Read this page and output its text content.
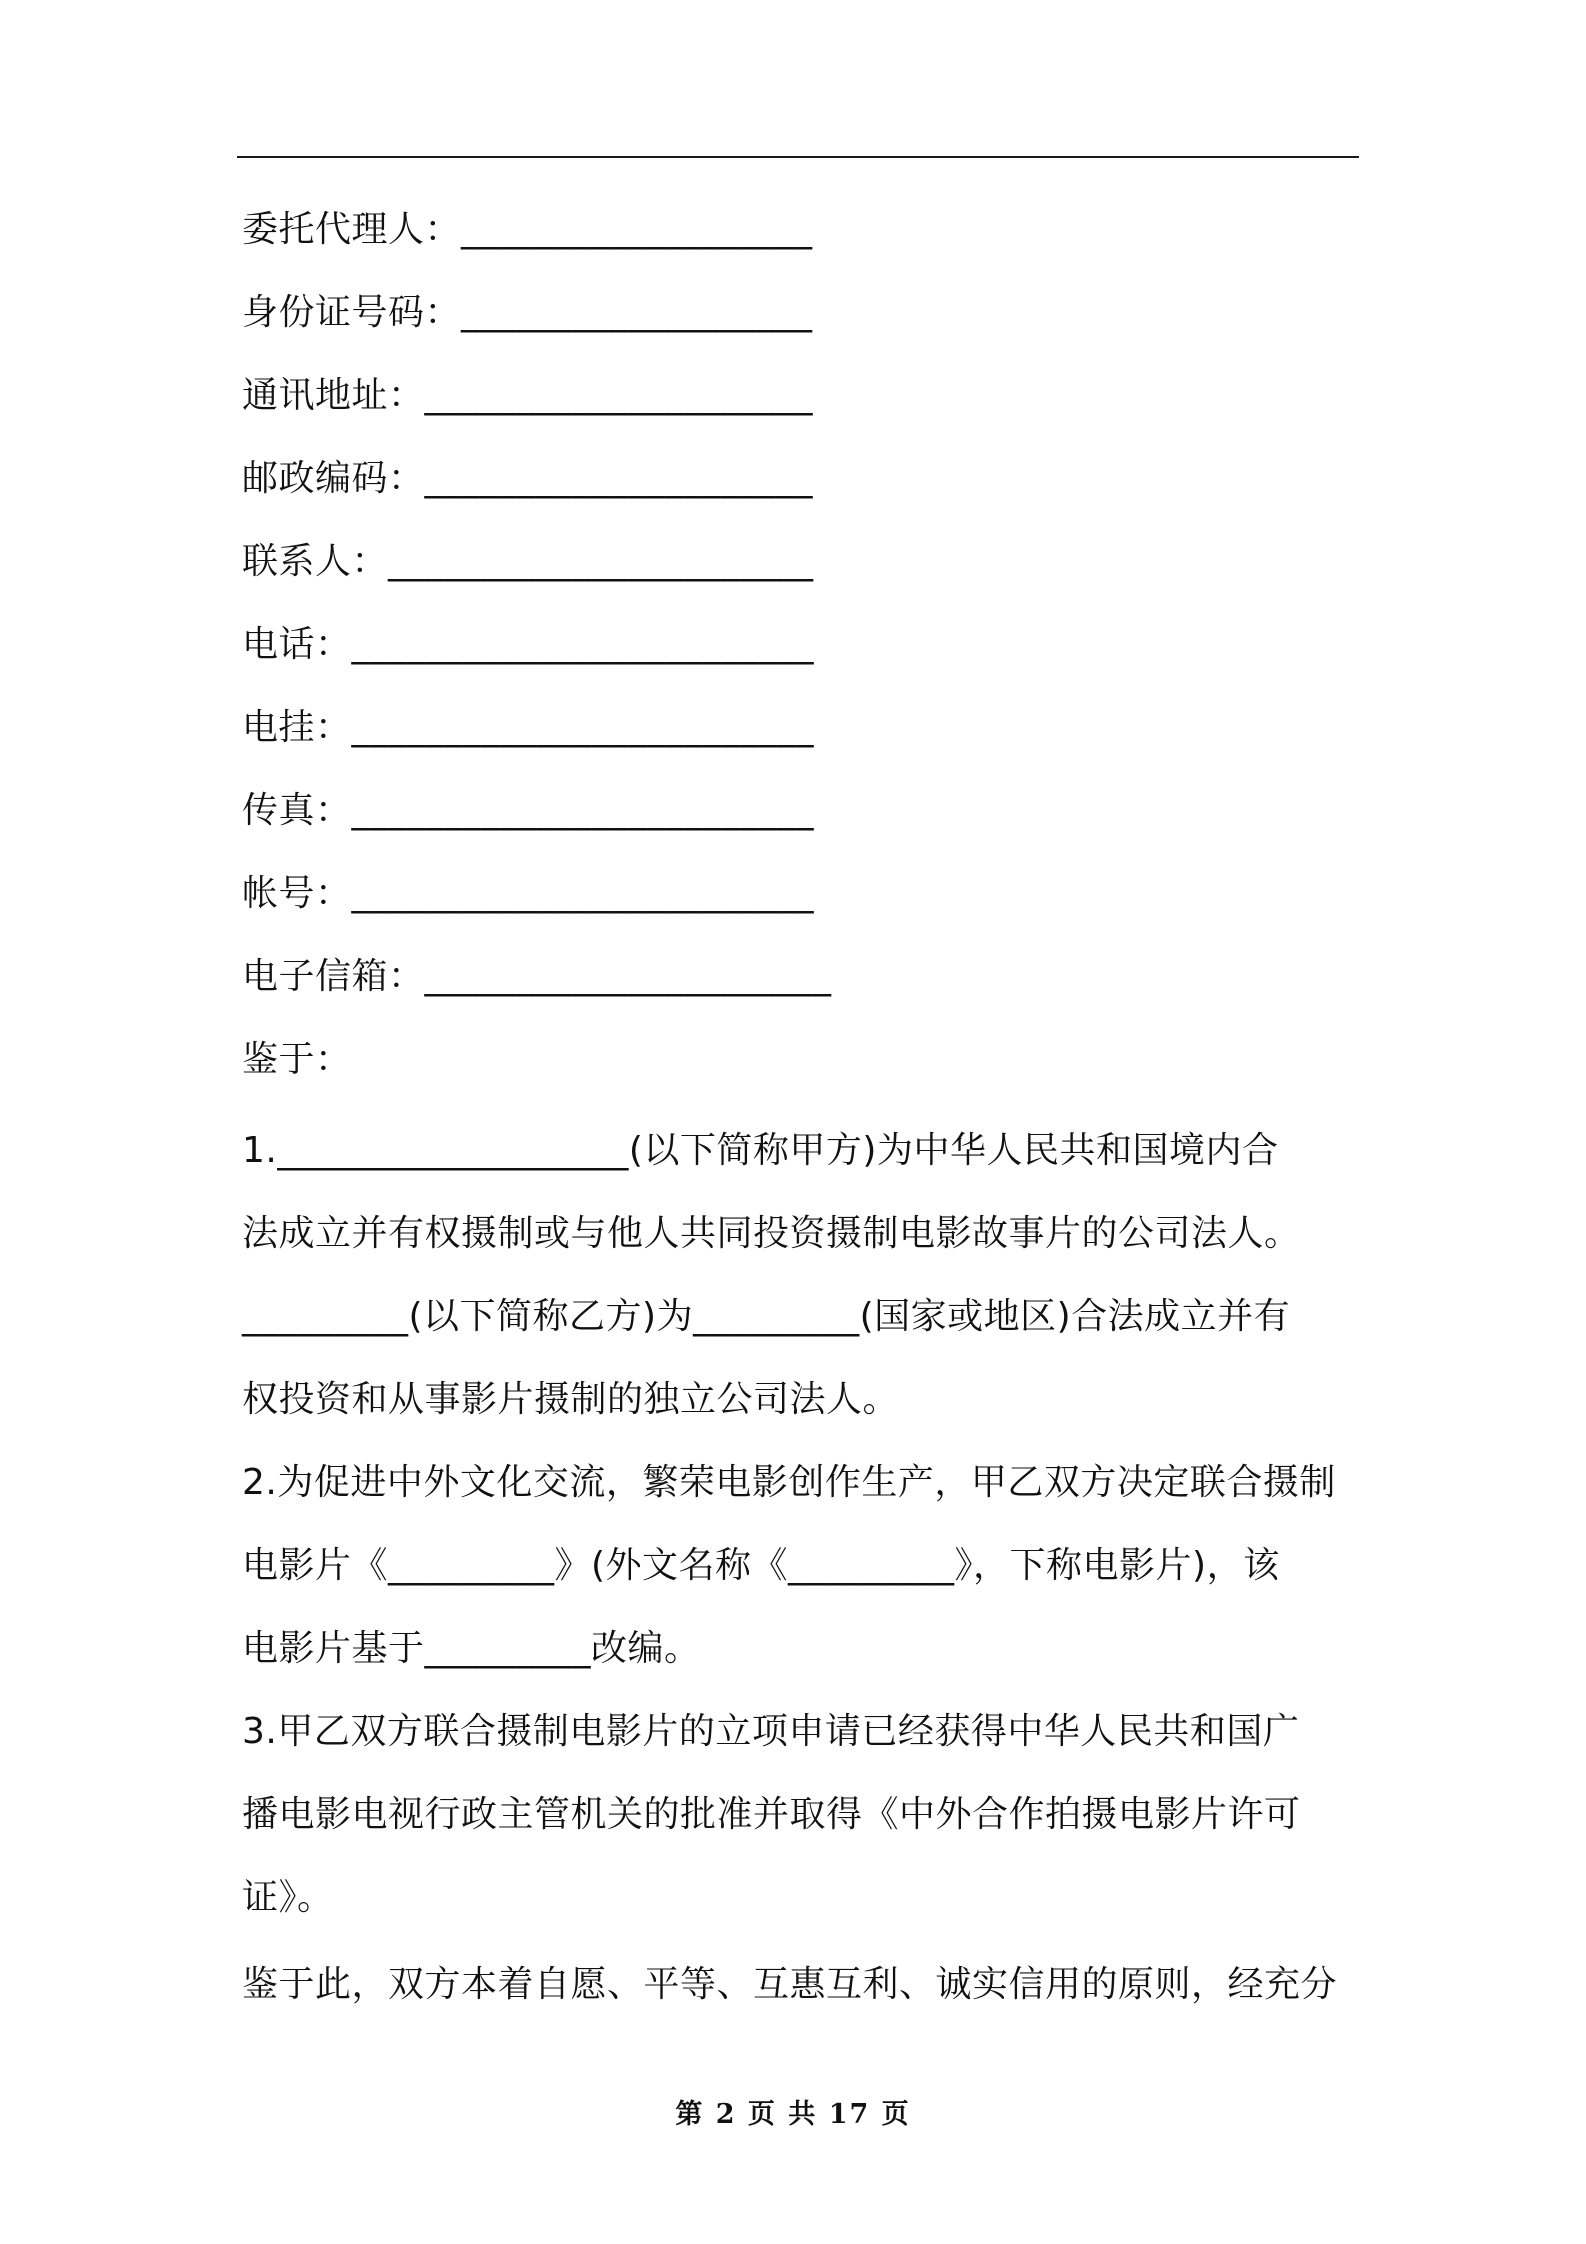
委托代理人：___________________
身份证号码：___________________
通讯地址：_____________________
邮政编码：_____________________
联系人：_______________________
电话：_________________________
电挂：_________________________
传真：_________________________
帐号：_________________________
电子信箱：______________________
鉴于：
1.___________________(以下简称甲方)为中华人民共和国境内合
法成立并有权摄制或与他人共同投资摄制电影故事片的公司法人。
_________(以下简称乙方)为_________(国家或地区)合法成立并有
权投资和从事影片摄制的独立公司法人。
2.为促进中外文化交流，繁荣电影创作生产，甲乙双方决定联合摄制
电影片《_________》(外文名称《_________》，下称电影片)，该
电影片基于_________改编。
3.甲乙双方联合摄制电影片的立项申请已经获得中华人民共和国广
播电影电视行政主管机关的批准并取得《中外合作拍摄电影片许可
证》。
鉴于此，双方本着自愿、平等、互惠互利、诚实信用的原则，经充分
第 2 页 共 17 页
